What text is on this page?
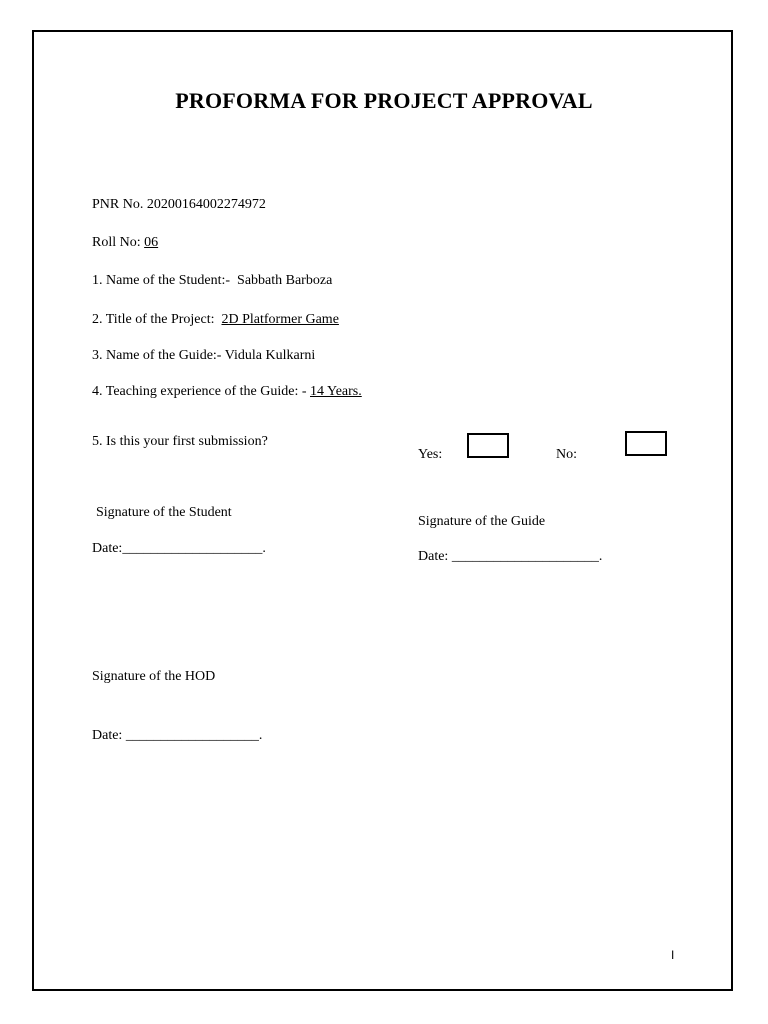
PROFORMA FOR PROJECT APPROVAL
PNR No. 20200164002274972
Roll No: 06
1. Name of the Student:-  Sabbath Barboza
2. Title of the Project:  2D Platformer Game
3. Name of the Guide:- Vidula Kulkarni
4. Teaching experience of the Guide: - 14 Years.
5. Is this your first submission?
Yes:	No:
Signature of the Student
Date:____________________.
Signature of the Guide
Date: _____________________.
Signature of the HOD
Date: ___________________.
I
